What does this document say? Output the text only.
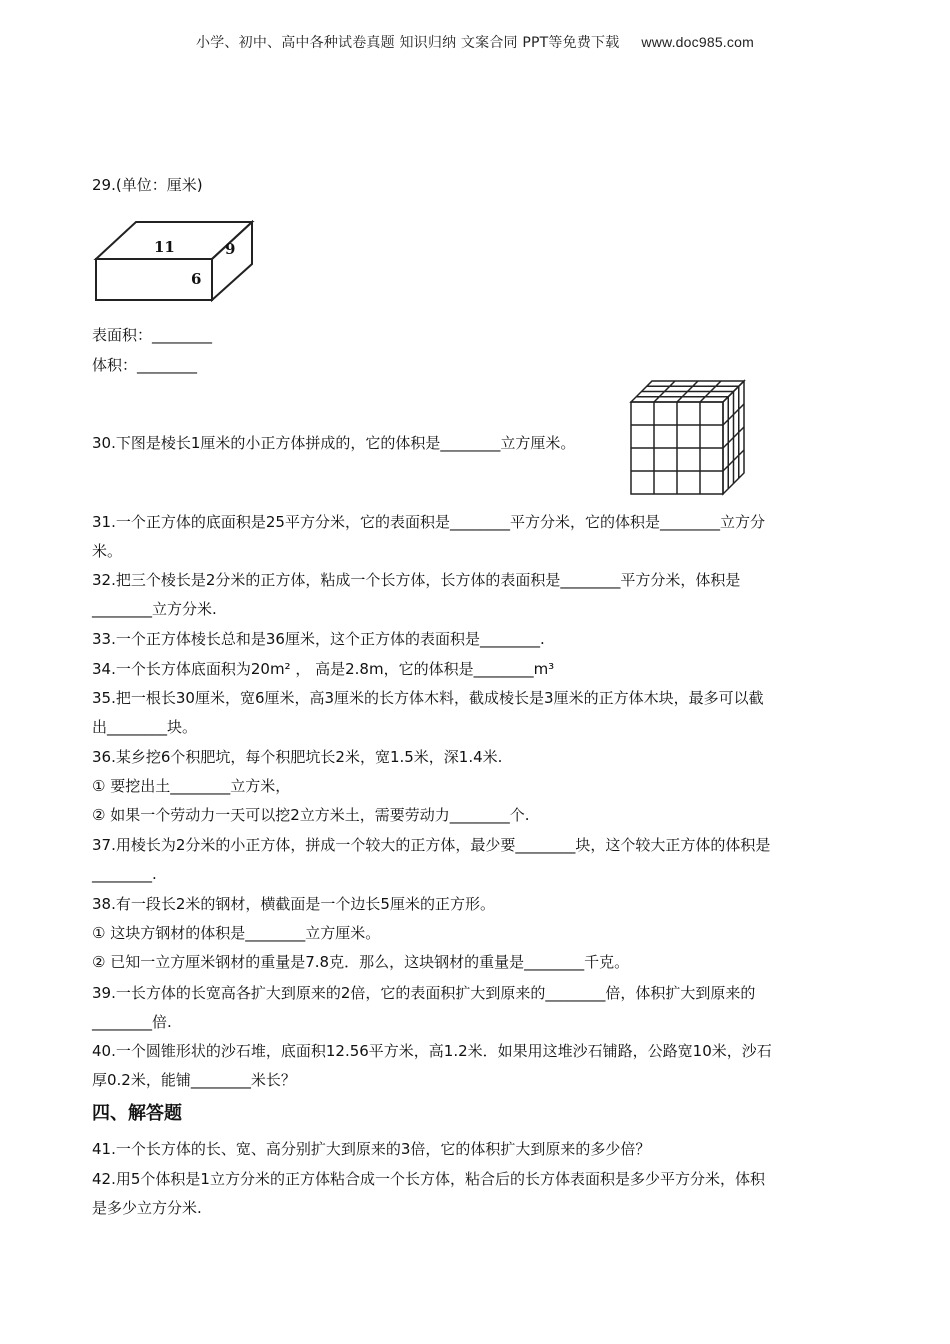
小学、初中、高中各种试卷真题 知识归纳 文案合同 PPT等免费下载 www.doc985.com
29.(单位：厘米)
11	9
6
表面积：________
体积：________
30.下图是棱长1厘米的小正方体拼成的，它的体积是________立方厘米。
31.一个正方体的底面积是25平方分米，它的表面积是________平方分米，它的体积是________立方分
米。
32.把三个棱长是2分米的正方体，粘成一个长方体，长方体的表面积是________平方分米，体积是
________立方分米.
33.一个正方体棱长总和是36厘米，这个正方体的表面积是________.
34.一个长方体底面积为20m² ， 高是2.8m，它的体积是________m³
35.把一根长30厘米，宽6厘米，高3厘米的长方体木料，截成棱长是3厘米的正方体木块，最多可以截
出________块。
36.某乡挖6个积肥坑，每个积肥坑长2米，宽1.5米，深1.4米.
① 要挖出土________立方米，
② 如果一个劳动力一天可以挖2立方米土，需要劳动力________个.
37.用棱长为2分米的小正方体，拼成一个较大的正方体，最少要________块，这个较大正方体的体积是
________.
38.有一段长2米的钢材，横截面是一个边长5厘米的正方形。
① 这块方钢材的体积是________立方厘米。
② 已知一立方厘米钢材的重量是7.8克．那么，这块钢材的重量是________千克。
39.一长方体的长宽高各扩大到原来的2倍，它的表面积扩大到原来的________倍，体积扩大到原来的
________倍.
40.一个圆锥形状的沙石堆，底面积12.56平方米，高1.2米．如果用这堆沙石铺路，公路宽10米，沙石
厚0.2米，能铺________米长？
四、解答题
41.一个长方体的长、宽、高分别扩大到原来的3倍，它的体积扩大到原来的多少倍？
42.用5个体积是1立方分米的正方体粘合成一个长方体，粘合后的长方体表面积是多少平方分米，体积
是多少立方分米.
